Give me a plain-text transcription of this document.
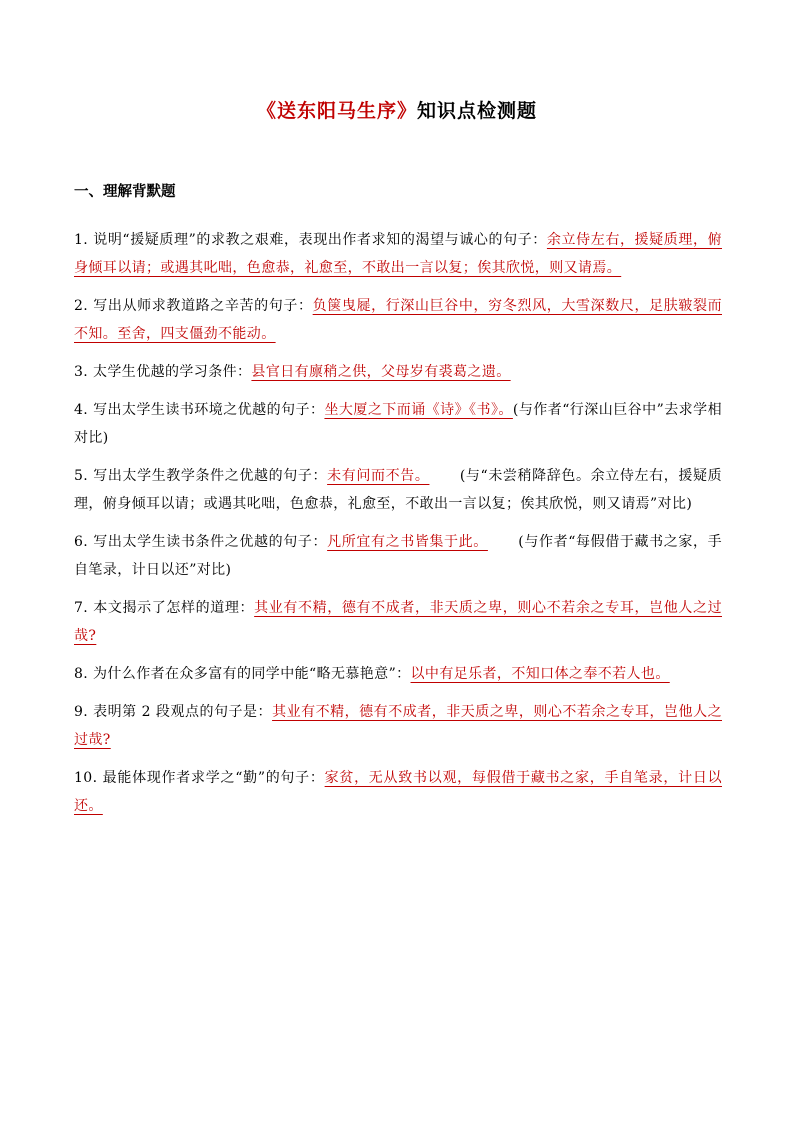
《送东阳马生序》知识点检测题
一、理解背默题

1. 说明“援疑质理”的求教之艰难，表现出作者求知的渴望与诚心的句子：余立侍左右，援疑质理，俯身倾耳以请；或遇其叱咄，色愈恭，礼愈至，不敢出一言以复；俟其欣悦，则又请焉。

2. 写出从师求教道路之辛苦的句子：负箧曳屣，行深山巨谷中，穷冬烈风，大雪深数尺，足肤皲裂而不知。至舍，四支僵劲不能动。

3. 太学生优越的学习条件：县官日有廪稍之供，父母岁有裘葛之遗。

4. 写出太学生读书环境之优越的句子：坐大厦之下而诵《诗》《书》。(与作者“行深山巨谷中”去求学相对比)

5. 写出太学生教学条件之优越的句子：未有问而不告。      (与“未尝稍降辞色。余立侍左右，援疑质理，俯身倾耳以请；或遇其叱咄，色愈恭，礼愈至，不敢出一言以复；俟其欣悦，则又请焉”对比)

6. 写出太学生读书条件之优越的句子：凡所宜有之书皆集于此。      (与作者“每假借于藏书之家，手自笔录，计日以还”对比)

7. 本文揭示了怎样的道理：其业有不精，德有不成者，非天质之卑，则心不若余之专耳，岂他人之过哉?

8. 为什么作者在众多富有的同学中能“略无慕艳意”：以中有足乐者，不知口体之奉不若人也。

9. 表明第 2 段观点的句子是：其业有不精，德有不成者，非天质之卑，则心不若余之专耳，岂他人之过哉?

10. 最能体现作者求学之“勤”的句子：家贫，无从致书以观，每假借于藏书之家，手自笔录，计日以还。
